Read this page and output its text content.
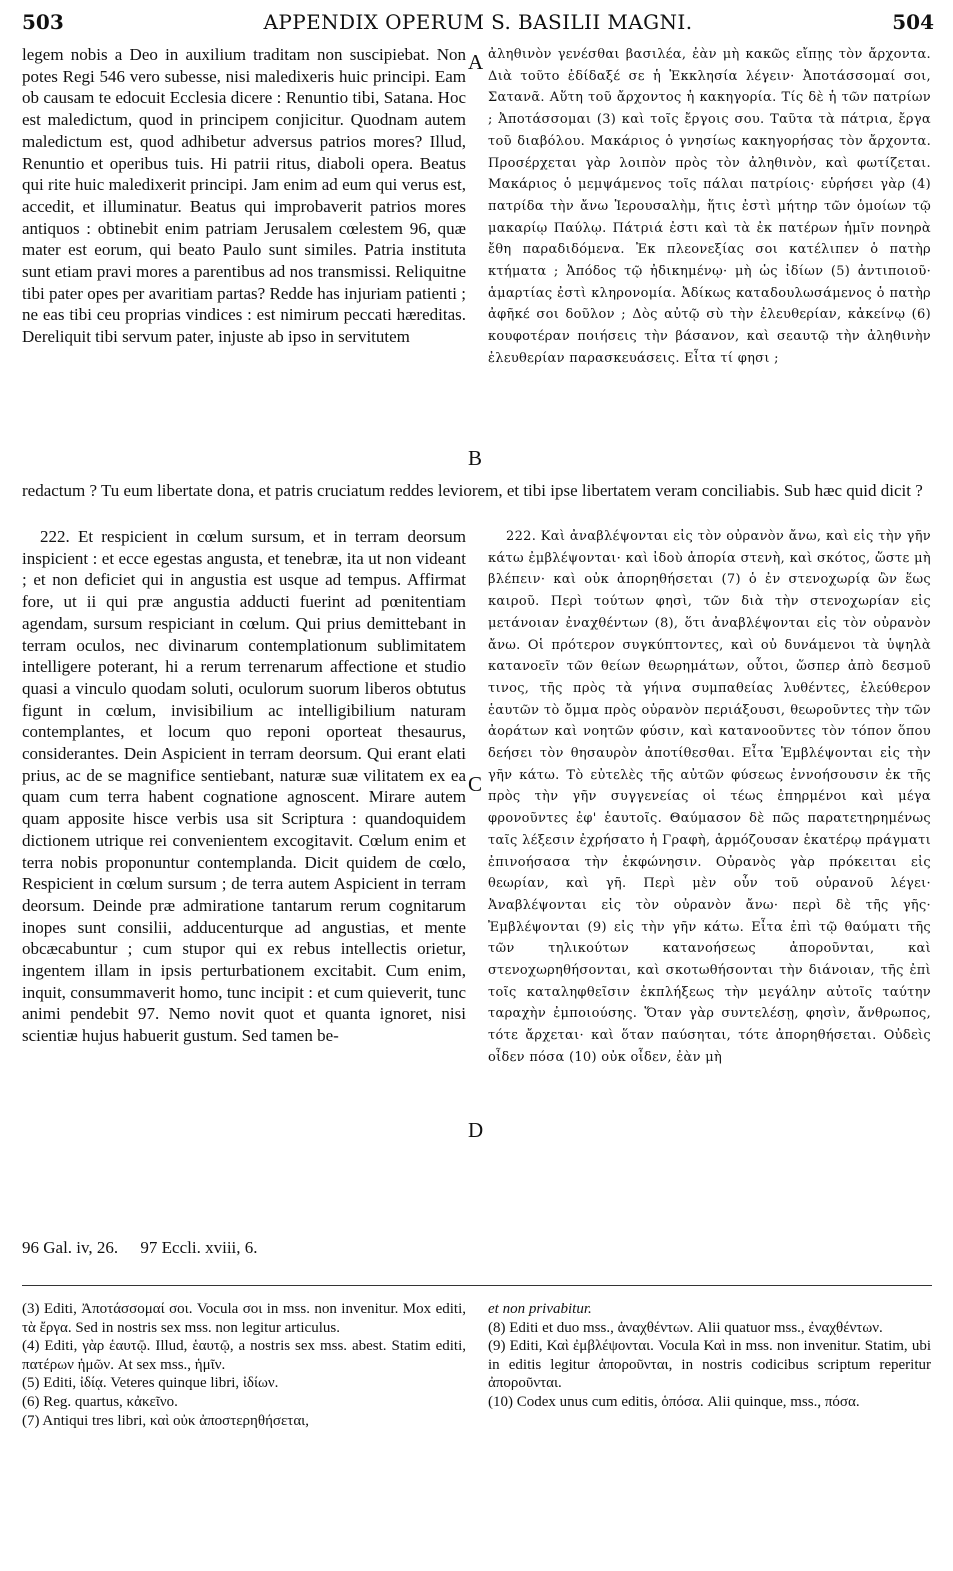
503	APPENDIX OPERUM S. BASILII MAGNI.	504

legem nobis a Deo in auxilium traditam non suscipiebat. Non potes Regi 546 vero subesse, nisi maledixeris huic principi. Eam ob causam te edocuit Ecclesia dicere : Renuntio tibi, Satana. Hoc est maledictum, quod in principem conjicitur. Quodnam autem maledictum est, quod adhibetur adversus patrios mores? Illud, Renuntio et operibus tuis. Hi patrii ritus, diaboli opera. Beatus qui rite huic maledixerit principi. Jam enim ad eum qui verus est, accedit, et illuminatur. Beatus qui improbaverit patrios mores antiquos : obtinebit enim patriam Jerusalem cœlestem 96, quæ mater est eorum, qui beato Paulo sunt similes. Patria instituta sunt etiam pravi mores a parentibus ad nos transmissi. Reliquitne tibi pater opes per avaritiam partas? Redde has injuriam patienti ; ne eas tibi ceu proprias vindices : est nimirum peccati hæreditas. Dereliquit tibi servum pater, injuste ab ipso in servitutem

A
B

ἀληθινὸν γενέσθαι βασιλέα, ἐὰν μὴ κακῶς εἴπῃς τὸν ἄρχοντα. Διὰ τοῦτο ἐδίδαξέ σε ἡ Ἐκκλησία λέγειν· Ἀποτάσσομαί σοι, Σατανᾶ. Αὕτη τοῦ ἄρχοντος ἡ κακηγορία. Τίς δὲ ἡ τῶν πατρίων ; Ἀποτάσσομαι (3) καὶ τοῖς ἔργοις σου. Ταῦτα τὰ πάτρια, ἔργα τοῦ διαβόλου. Μακάριος ὁ γνησίως κακηγορήσας τὸν ἄρχοντα. Προσέρχεται γὰρ λοιπὸν πρὸς τὸν ἀληθινὸν, καὶ φωτίζεται. Μακάριος ὁ μεμψάμενος τοῖς πάλαι πατρίοις· εὑρήσει γὰρ (4) πατρίδα τὴν ἄνω Ἱερουσαλὴμ, ἥτις ἐστὶ μήτηρ τῶν ὁμοίων τῷ μακαρίῳ Παύλῳ. Πάτριά ἐστι καὶ τὰ ἐκ πατέρων ἡμῖν πονηρὰ ἔθη παραδιδόμενα. Ἐκ πλεονεξίας σοι κατέλιπεν ὁ πατὴρ κτήματα ; Ἀπόδος τῷ ἠδικημένῳ· μὴ ὡς ἰδίων (5) ἀντιποιοῦ· ἁμαρτίας ἐστὶ κληρονομία. Ἀδίκως καταδουλωσάμενος ὁ πατὴρ ἀφῆκέ σοι δοῦλον ; Δὸς αὐτῷ σὺ τὴν ἐλευθερίαν, κἀκείνῳ (6) κουφοτέραν ποιήσεις τὴν βάσανον, καὶ σεαυτῷ τὴν ἀληθινὴν ἐλευθερίαν παρασκευάσεις. Εἶτα τί φησι ;

redactum ? Tu eum libertate dona, et patris cruciatum reddes leviorem, et tibi ipse libertatem veram conciliabis. Sub hæc quid dicit ?

222. Et respicient in cœlum sursum, et in terram deorsum inspicient : et ecce egestas angusta, et tenebræ, ita ut non videant ; et non deficiet qui in angustia est usque ad tempus. Affirmat fore, ut ii qui præ angustia adducti fuerint ad pœnitentiam agendam, sursum respiciant in cœlum. Qui prius demittebant in terram oculos, nec divinarum contemplationum sublimitatem intelligere poterant, hi a rerum terrenarum affectione et studio quasi a vinculo quodam soluti, oculorum suorum liberos obtutus figunt in cœlum, invisibilium ac intelligibilium naturam contemplantes, et locum quo reponi oporteat thesaurus, considerantes. Dein Aspicient in terram deorsum. Qui erant elati prius, ac de se magnifice sentiebant, naturæ suæ vilitatem ex ea quam cum terra habent cognatione agnoscent. Mirare autem quam apposite hisce verbis usa sit Scriptura : quandoquidem dictionem utrique rei convenientem excogitavit. Cœlum enim et terra nobis proponuntur contemplanda. Dicit quidem de cœlo, Respicient in cœlum sursum ; de terra autem Aspicient in terram deorsum. Deinde præ admiratione tantarum rerum cognitarum inopes sunt consilii, adducenturque ad angustias, et mente obcæcabuntur ; cum stupor qui ex rebus intellectis orietur, ingentem illam in ipsis perturbationem excitabit. Cum enim, inquit, consummaverit homo, tunc incipit : et cum quieverit, tunc animi pendebit 97. Nemo novit quot et quanta ignoret, nisi scientiæ hujus habuerit gustum. Sed tamen be-

C
D

222. Καὶ ἀναβλέψονται εἰς τὸν οὐρανὸν ἄνω, καὶ εἰς τὴν γῆν κάτω ἐμβλέψονται· καὶ ἰδοὺ ἀπορία στενὴ, καὶ σκότος, ὥστε μὴ βλέπειν· καὶ οὐκ ἀπορηθήσεται (7) ὁ ἐν στενοχωρίᾳ ὢν ἕως καιροῦ. Περὶ τούτων φησὶ, τῶν διὰ τὴν στενοχωρίαν εἰς μετάνοιαν ἐναχθέντων (8), ὅτι ἀναβλέψονται εἰς τὸν οὐρανὸν ἄνω. Οἱ πρότερον συγκύπτοντες, καὶ οὐ δυνάμενοι τὰ ὑψηλὰ κατανοεῖν τῶν θείων θεωρημάτων, οὗτοι, ὥσπερ ἀπὸ δεσμοῦ τινος, τῆς πρὸς τὰ γήινα συμπαθείας λυθέντες, ἐλεύθερον ἑαυτῶν τὸ ὄμμα πρὸς οὐρανὸν περιάξουσι, θεωροῦντες τὴν τῶν ἀοράτων καὶ νοητῶν φύσιν, καὶ κατανοοῦντες τὸν τόπον ὅπου δεήσει τὸν θησαυρὸν ἀποτίθεσθαι. Εἶτα Ἐμβλέψονται εἰς τὴν γῆν κάτω. Τὸ εὐτελὲς τῆς αὐτῶν φύσεως ἐννοήσουσιν ἐκ τῆς πρὸς τὴν γῆν συγγενείας οἱ τέως ἐπηρμένοι καὶ μέγα φρονοῦντες ἐφ' ἑαυτοῖς. Θαύμασον δὲ πῶς παρατετηρημένως ταῖς λέξεσιν ἐχρήσατο ἡ Γραφὴ, ἁρμόζουσαν ἑκατέρῳ πράγματι ἐπινοήσασα τὴν ἐκφώνησιν. Οὐρανὸς γὰρ πρόκειται εἰς θεωρίαν, καὶ γῆ. Περὶ μὲν οὖν τοῦ οὐρανοῦ λέγει· Ἀναβλέψονται εἰς τὸν οὐρανὸν ἄνω· περὶ δὲ τῆς γῆς· Ἐμβλέψονται (9) εἰς τὴν γῆν κάτω. Εἶτα ἐπὶ τῷ θαύματι τῆς τῶν τηλικούτων κατανοήσεως ἀποροῦνται, καὶ στενοχωρηθήσονται, καὶ σκοτωθήσονται τὴν διάνοιαν, τῆς ἐπὶ τοῖς καταληφθεῖσιν ἐκπλήξεως τὴν μεγάλην αὐτοῖς ταύτην ταραχὴν ἐμποιούσης. Ὅταν γὰρ συντελέσῃ, φησὶν, ἄνθρωπος, τότε ἄρχεται· καὶ ὅταν παύσηται, τότε ἀπορηθήσεται. Οὐδεὶς οἶδεν πόσα (10) οὐκ οἶδεν, ἐὰν μὴ

96 Gal. iv, 26. 97 Eccli. xviii, 6.

(3) Editi, Ἀποτάσσομαί σοι. Vocula σοι in mss. non invenitur. Mox editi, τὰ ἔργα. Sed in nostris sex mss. non legitur articulus.

(4) Editi, γὰρ ἑαυτῷ. Illud, ἑαυτῷ, a nostris sex mss. abest. Statim editi, πατέρων ἡμῶν. At sex mss., ἡμῖν.

(5) Editi, ἰδίᾳ. Veteres quinque libri, ἰδίων.

(6) Reg. quartus, κἀκεῖνο.

(7) Antiqui tres libri, καὶ οὐκ ἀποστερηθήσεται,

et non privabitur.

(8) Editi et duo mss., ἀναχθέντων. Alii quatuor mss., ἐναχθέντων.

(9) Editi, Καὶ ἐμβλέψονται. Vocula Καὶ in mss. non invenitur. Statim, ubi in editis legitur ἀποροῦνται, in nostris codicibus scriptum reperitur ἀποροῦνται.

(10) Codex unus cum editis, ὁπόσα. Alii quinque, mss., πόσα.
